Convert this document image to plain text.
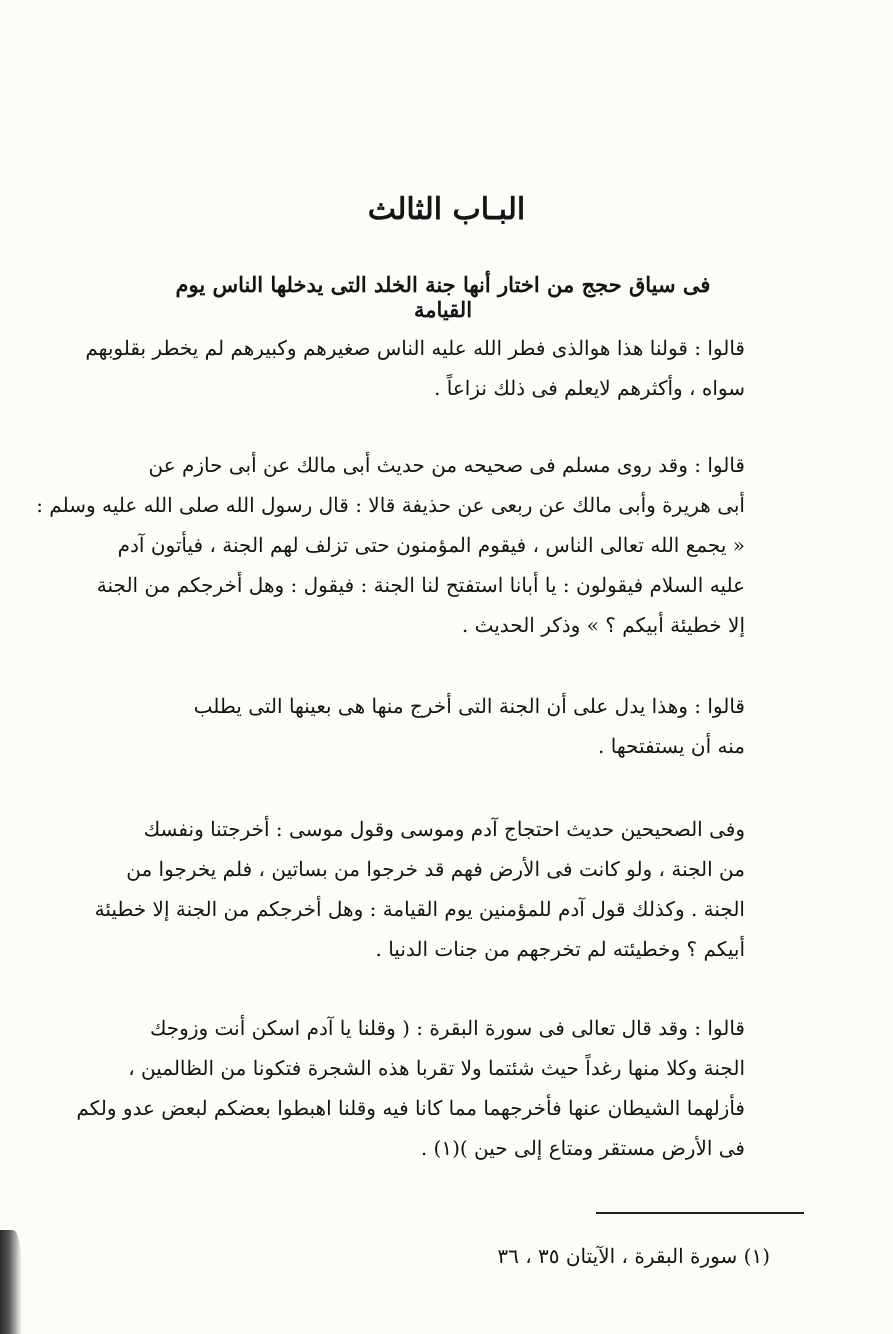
البـاب الثالث
فى سياق حجج من اختار أنها جنة الخلد التى يدخلها الناس يوم القيامة
قالوا : قولنا هذا هوالذى فطر الله عليه الناس صغيرهم وكبيرهم لم يخطر بقلوبهم
سواه ، وأكثرهم لايعلم فى ذلك نزاعاً .
قالوا : وقد روى مسلم فى صحيحه من حديث أبى مالك عن أبى حازم عن
أبى هريرة وأبى مالك عن ربعى عن حذيفة قالا : قال رسول الله صلى الله عليه وسلم :
« يجمع الله تعالى الناس ، فيقوم المؤمنون حتى تزلف لهم الجنة ، فيأتون آدم
عليه السلام فيقولون : يا أبانا استفتح لنا الجنة : فيقول : وهل أخرجكم من الجنة
إلا خطيئة أبيكم ؟ » وذكر الحديث .
قالوا : وهذا يدل على أن الجنة التى أخرج منها هى بعينها التى يطلب
منه أن يستفتحها .
وفى الصحيحين حديث احتجاج آدم وموسى وقول موسى : أخرجتنا ونفسك
من الجنة ، ولو كانت فى الأرض فهم قد خرجوا من بساتين ، فلم يخرجوا من
الجنة . وكذلك قول آدم للمؤمنين يوم القيامة : وهل أخرجكم من الجنة إلا خطيئة
أبيكم ؟ وخطيئته لم تخرجهم من جنات الدنيا .
قالوا : وقد قال تعالى فى سورة البقرة : ( وقلنا يا آدم اسكن أنت وزوجك
الجنة وكلا منها رغداً حيث شئتما ولا تقربا هذه الشجرة فتكونا من الظالمين ،
فأزلهما الشيطان عنها فأخرجهما مما كانا فيه وقلنا اهبطوا بعضكم لبعض عدو ولكم
فى الأرض مستقر ومتاع إلى حين )(١) .
(١) سورة البقرة ، الآيتان ٣٥ ، ٣٦
